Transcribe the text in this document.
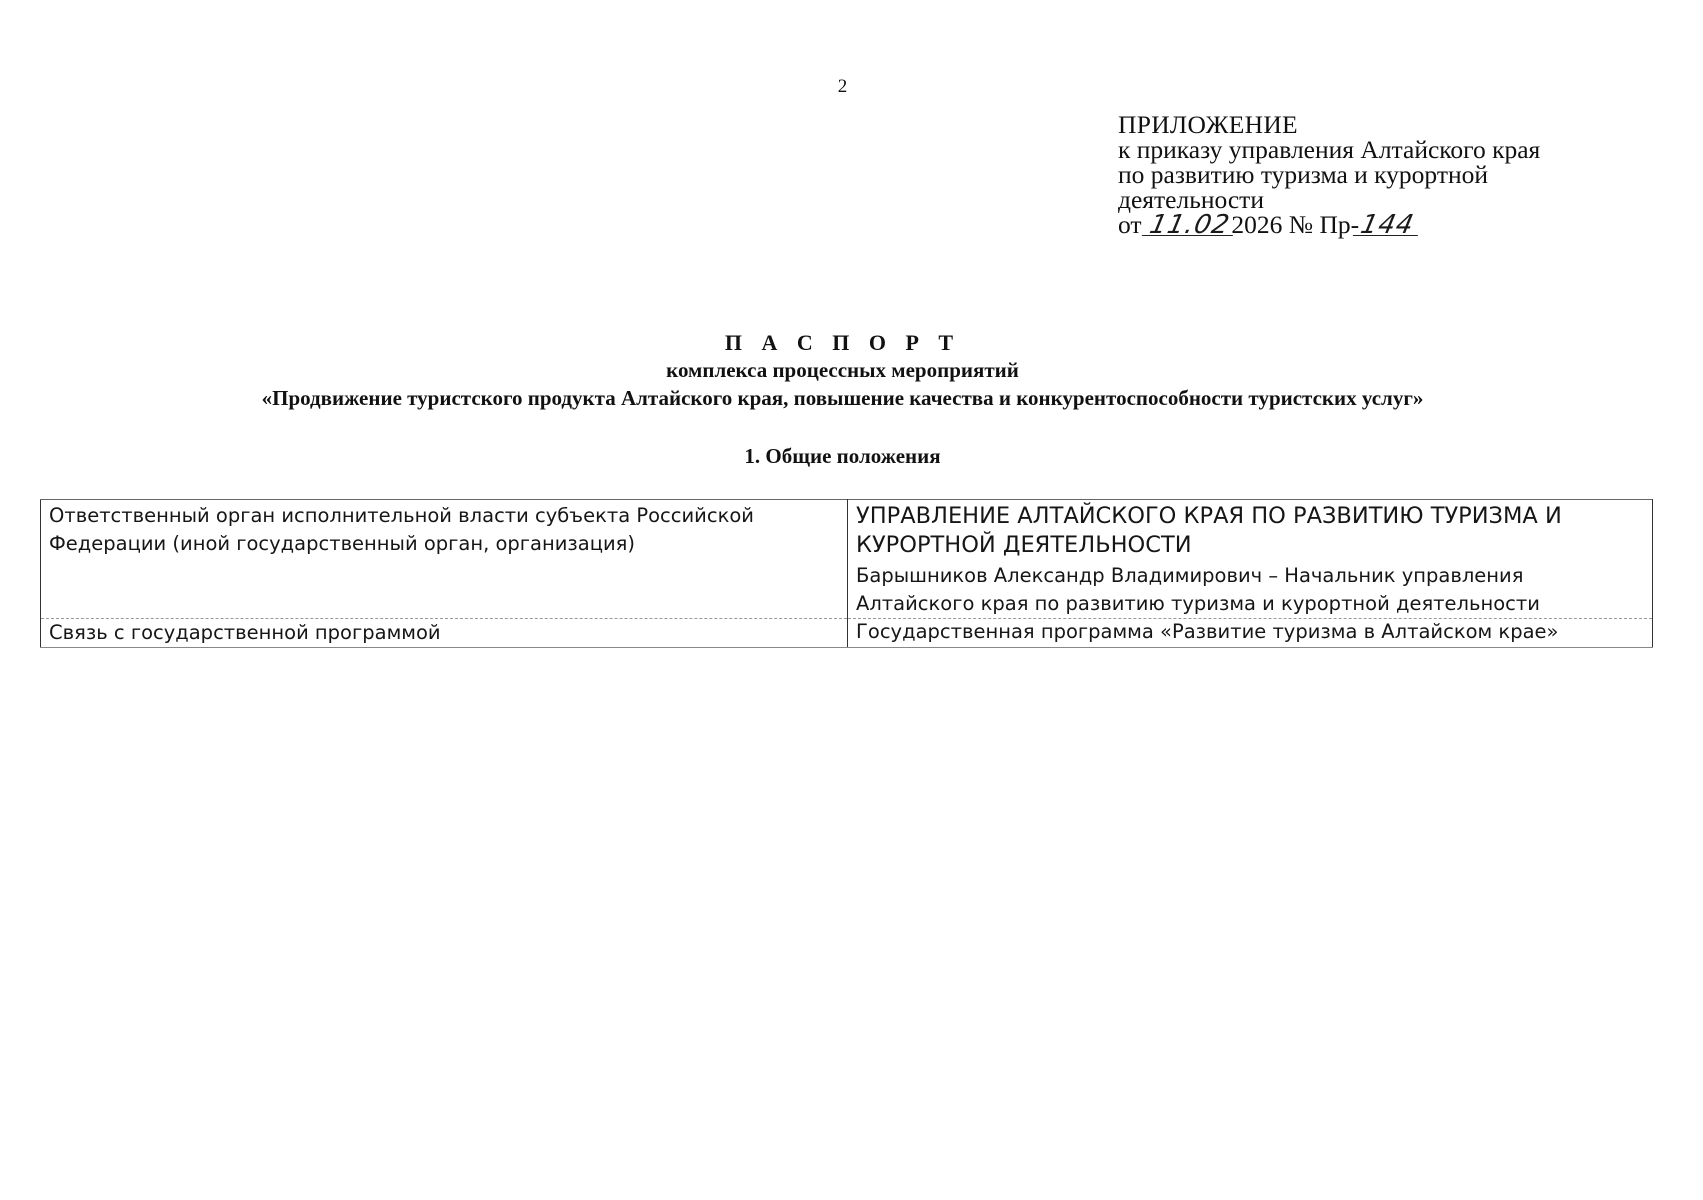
2
ПРИЛОЖЕНИЕ
к приказу управления Алтайского края
по развитию туризма и курортной
деятельности
от 11.022026 № Пр-144
П А С П О Р Т
комплекса процессных мероприятий
«Продвижение туристского продукта Алтайского края, повышение качества и конкурентоспособности туристских услуг»
1. Общие положения
Ответственный орган исполнительной власти субъекта Российской Федерации (иной государственный орган, организация)	УПРАВЛЕНИЕ АЛТАЙСКОГО КРАЯ ПО РАЗВИТИЮ ТУРИЗМА И КУРОРТНОЙ ДЕЯТЕЛЬНОСТИ
Барышников Александр Владимирович – Начальник управления Алтайского края по развитию туризма и курортной деятельности

Связь с государственной программой	Государственная программа «Развитие туризма в Алтайском крае»
